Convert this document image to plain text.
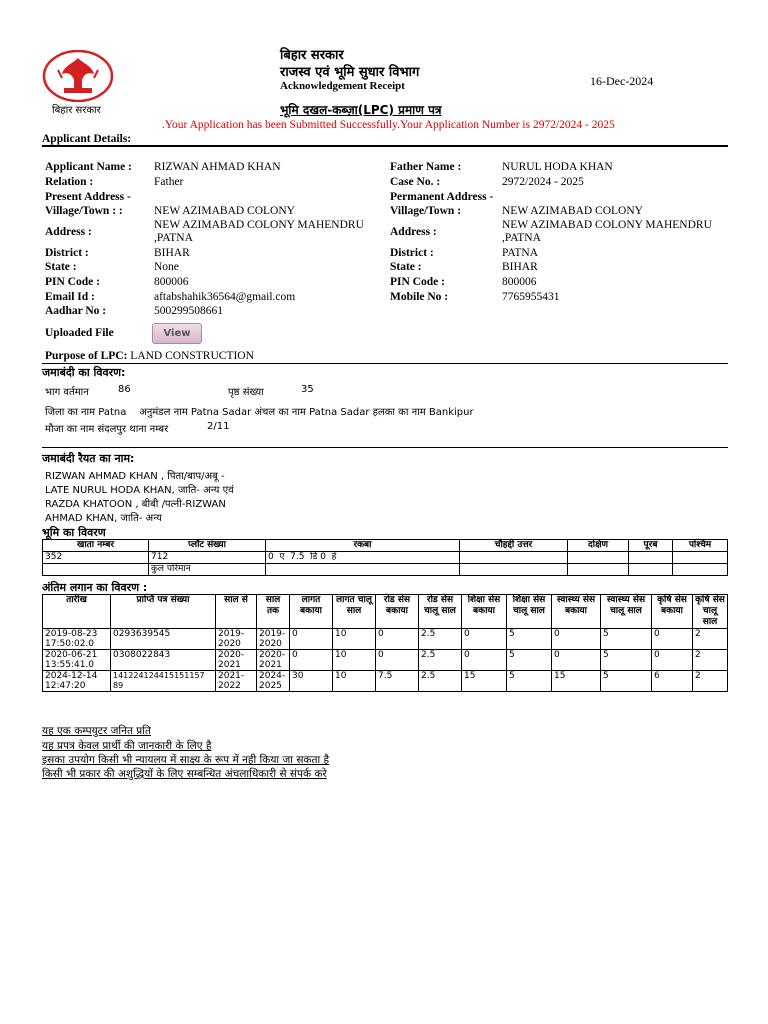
बिहार सरकार
बिहार सरकार
राजस्व एवं भूमि सुधार विभाग
Acknowledgement Receipt	16-Dec-2024
भूमि दखल-कब्ज़ा(LPC) प्रमाण पत्र
.Your Application has been Submitted Successfully.Your Application Number is 2972/2024 - 2025
Applicant Details:
Applicant Name : RIZWAN AHMAD KHAN
Relation :	Father
Present Address -
Village/Town : :	NEW AZIMABAD COLONY
Address :
NEW AZIMABAD COLONY MAHENDRU
,PATNA
District :	BIHAR
State :	None
PIN Code :	800006
Email Id :	aftabshahik36564@gmail.com
Aadhar No :	500299508661
Uploaded File	View
Purpose of LPC: LAND CONSTRUCTION
Father Name :	NURUL HODA KHAN
Case No. :	2972/2024 - 2025
Permanent Address -
Village/Town :	NEW AZIMABAD COLONY
Address :
NEW AZIMABAD COLONY MAHENDRU
,PATNA
District :	PATNA
State :	BIHAR
PIN Code :	800006
Mobile No :	7765955431
जमाबंदी का विवरण:
भाग वर्तमान	86	पृष्ठ संख्या	35
जिला का नाम Patna    अनुमंडल नाम Patna Sadar अंचल का नाम Patna Sadar हलका का नाम Bankipur
मौजा का नाम संदलपुर थाना नम्बर	2/11
जमाबंदी रैयत का नाम:
RIZWAN AHMAD KHAN , पिता/बाप/अबू -
LATE NURUL HODA KHAN, जाति- अन्य एवं
RAZDA KHATOON , बीबी /पत्नी-RIZWAN
AHMAD KHAN, जाति- अन्य
भूमि का विवरण
खाता नम्बर	प्लॉट संख्या	रकबा	चौहद्दी उत्तर	दक्षिण	पूरब	पश्चिम
352	712	0  ए  7.5  डि 0  हे				
	कुल परिमान					
अंतिम लगान का विवरण :
तारीख	प्राप्ति पत्र संख्या	साल से	साल तक	लागत बकाया	लागत चालू साल	रोड सेस बकाया	रोड सेस चालू साल	शिक्षा सेस बकाया	शिक्षा सेस चालू साल	स्वास्थ्य सेस बकाया	स्वास्थ्य सेस चालू साल	कृषि सेस बकाया	कृषि सेस चालू साल
2019-08-23 17:50:02.0	0293639545	2019-2020	2019-2020	0	10	0	2.5	0	5	0	5	0	2
2020-06-21 13:55:41.0	0308022843	2020-2021	2020-2021	0	10	0	2.5	0	5	0	5	0	2
2024-12-14 12:47:20	141224124415151157​89	2021-2022	2024-2025	30	10	7.5	2.5	15	5	15	5	6	2
यह एक कम्पयुटर जनित प्रति
यह प्रपत्र केवल प्रार्थी की जानकारी के लिए है
इसका उपयोग किसी भी न्यायलय में साक्ष्य के रूप में नही किया जा सकता है
किसी भी प्रकार की अशुद्धियों के लिए सम्बन्धित अंचलाधिकारी से संपर्क करे
